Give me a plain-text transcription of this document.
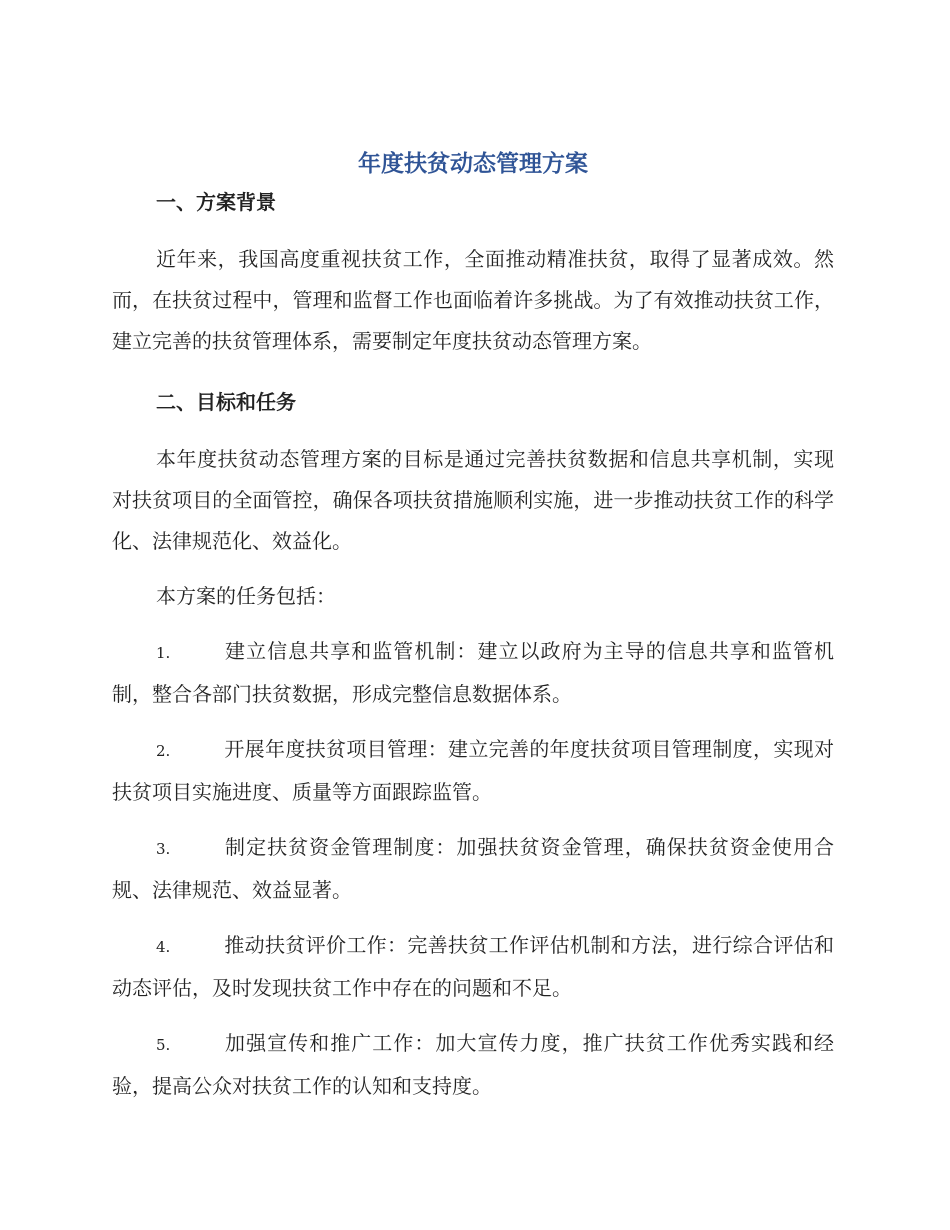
年度扶贫动态管理方案
一、方案背景

近年来，我国高度重视扶贫工作，全面推动精准扶贫，取得了显著成效。然而，在扶贫过程中，管理和监督工作也面临着许多挑战。为了有效推动扶贫工作，建立完善的扶贫管理体系，需要制定年度扶贫动态管理方案。

二、目标和任务

本年度扶贫动态管理方案的目标是通过完善扶贫数据和信息共享机制，实现对扶贫项目的全面管控，确保各项扶贫措施顺利实施，进一步推动扶贫工作的科学化、法律规范化、效益化。

本方案的任务包括：

1.	建立信息共享和监管机制：建立以政府为主导的信息共享和监管机制，整合各部门扶贫数据，形成完整信息数据体系。

2.	开展年度扶贫项目管理：建立完善的年度扶贫项目管理制度，实现对扶贫项目实施进度、质量等方面跟踪监管。

3.	制定扶贫资金管理制度：加强扶贫资金管理，确保扶贫资金使用合规、法律规范、效益显著。

4.	推动扶贫评价工作：完善扶贫工作评估机制和方法，进行综合评估和动态评估，及时发现扶贫工作中存在的问题和不足。

5.	加强宣传和推广工作：加大宣传力度，推广扶贫工作优秀实践和经验，提高公众对扶贫工作的认知和支持度。
